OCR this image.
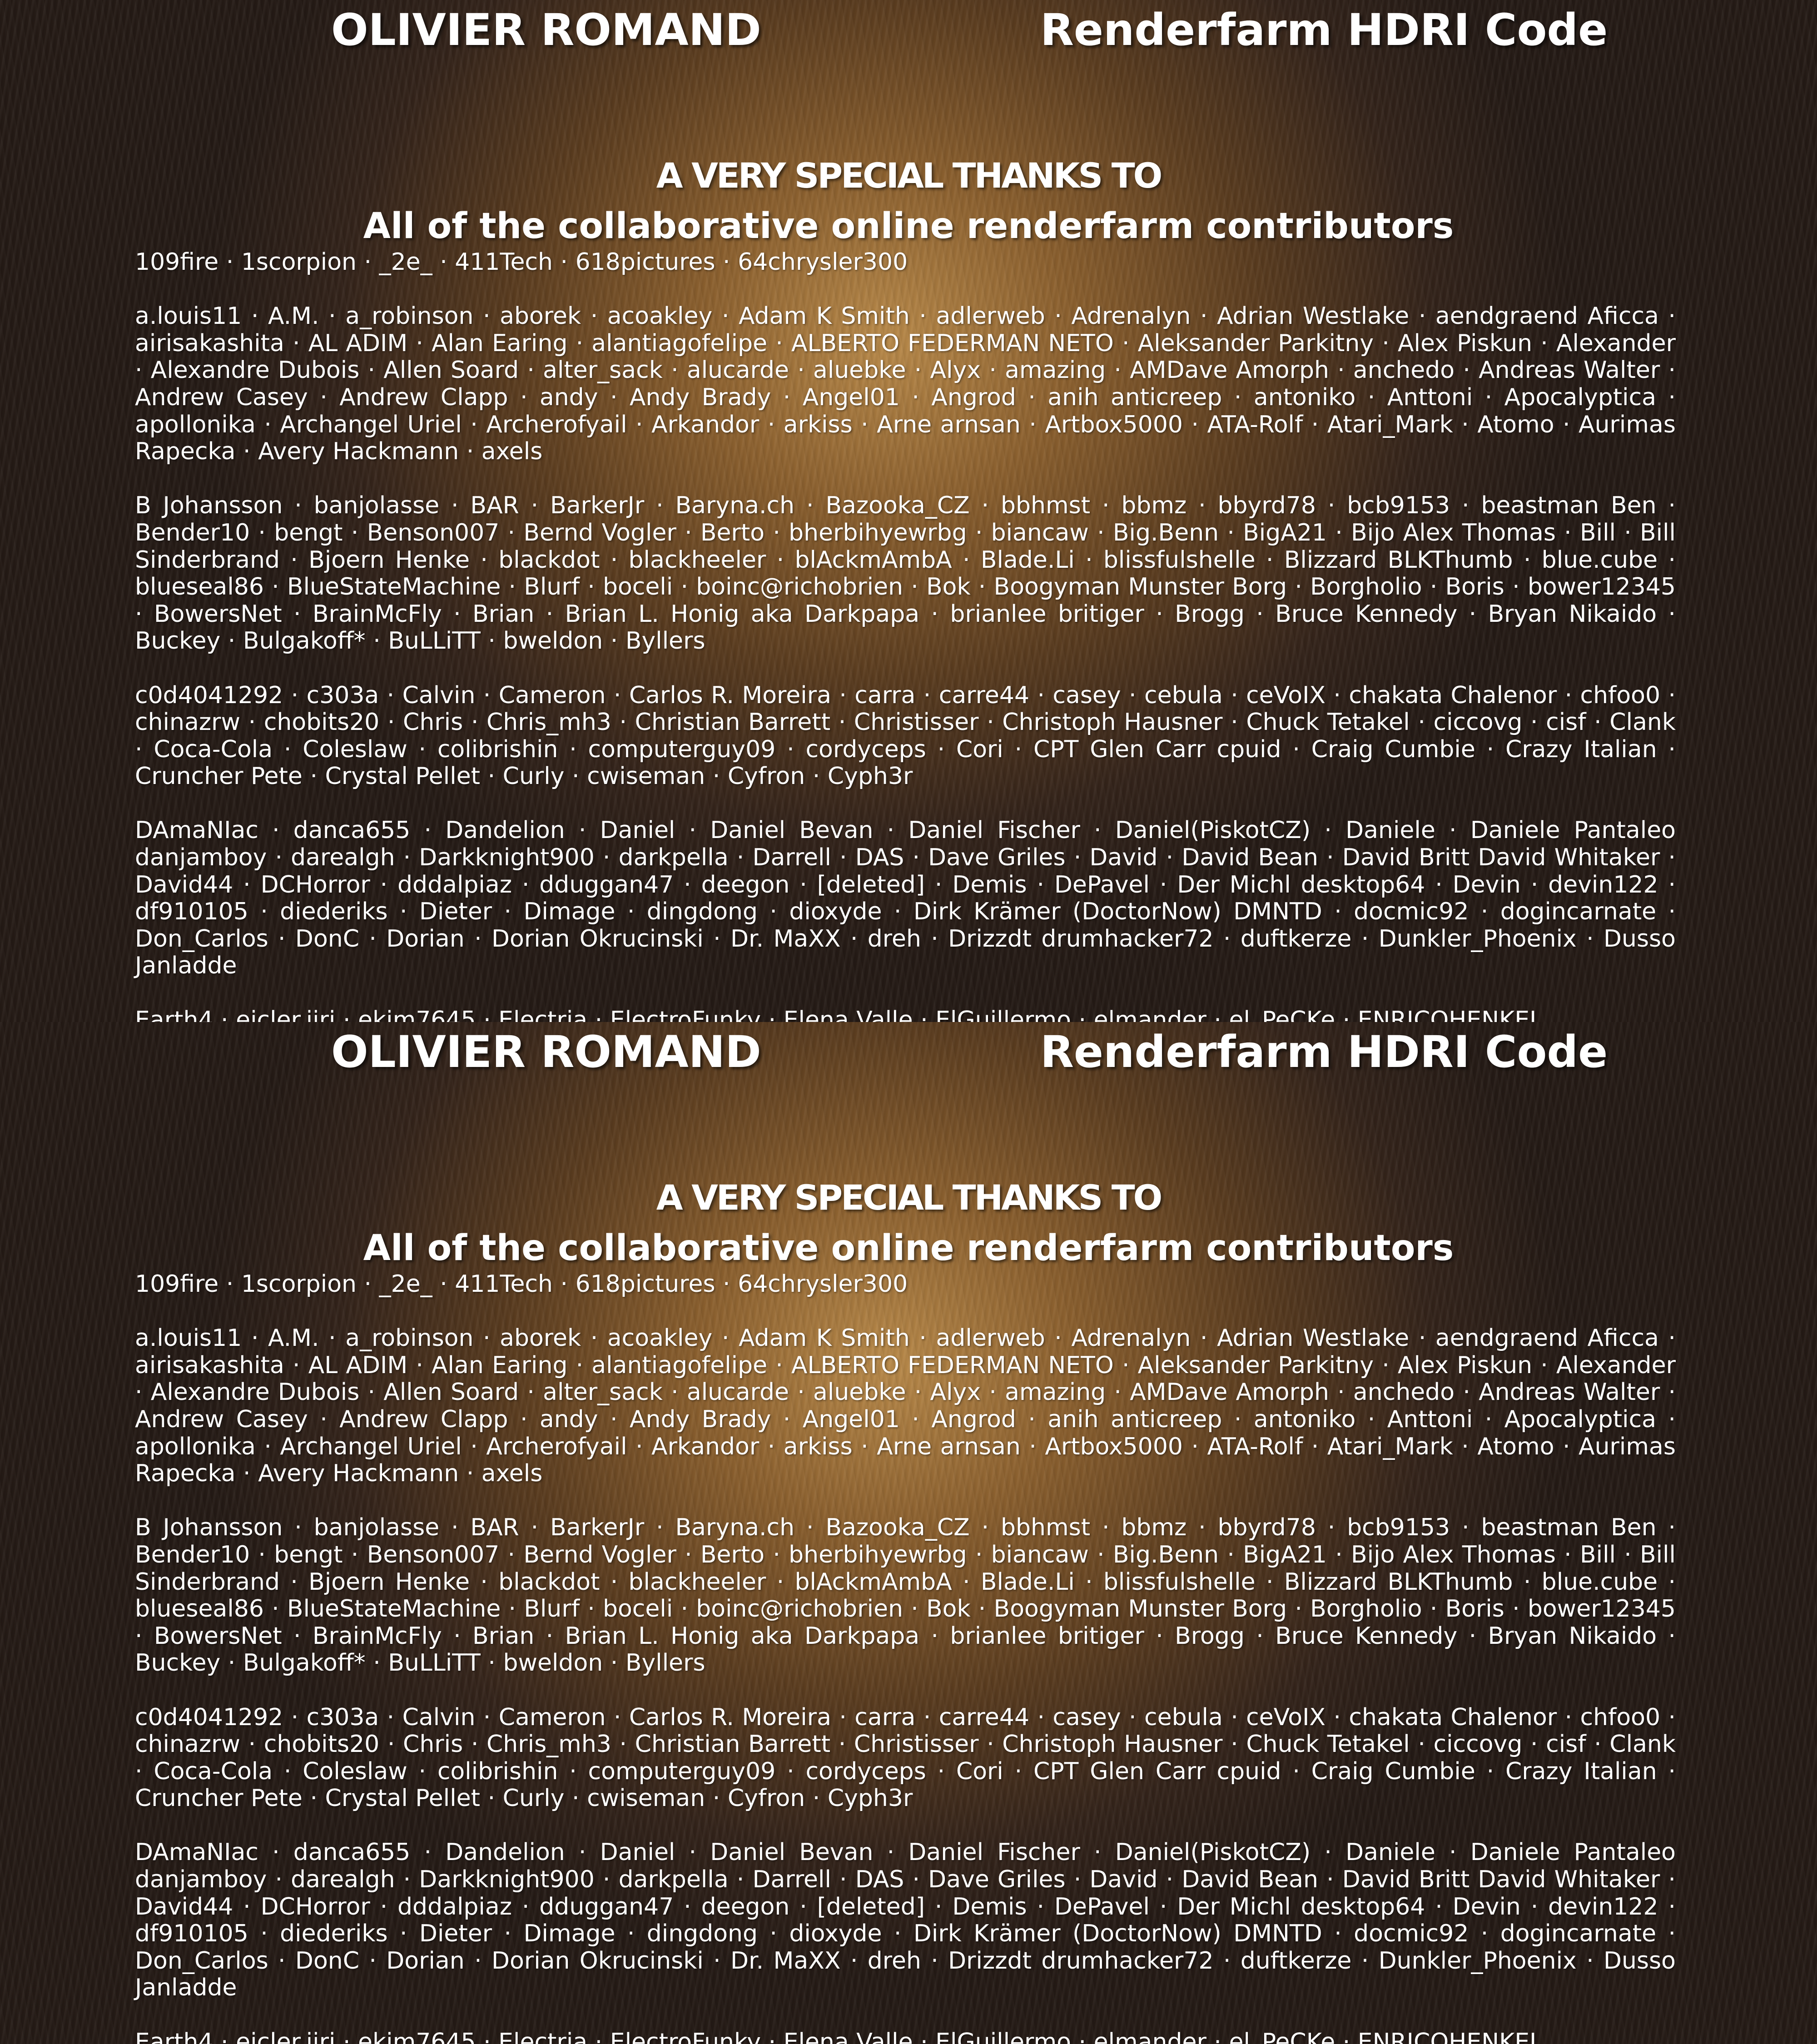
OLIVIER ROMAND	Renderfarm HDRI Code
A VERY SPECIAL THANKS TO
All of the collaborative online renderfarm contributors

109fire · 1scorpion · _2e_ · 411Tech · 618pictures · 64chrysler300

a.louis11 · A.M. · a_robinson · aborek · acoakley · Adam K Smith · adlerweb · Adrenalyn · Adrian Westlake · aendgraend Aficca · airisakashita · AL ADIM · Alan Earing · alantiagofelipe · ALBERTO FEDERMAN NETO · Aleksander Parkitny · Alex Piskun · Alexander · Alexandre Dubois · Allen Soard · alter_sack · alucarde · aluebke · Alyx · amazing · AMDave Amorph · anchedo · Andreas Walter · Andrew Casey · Andrew Clapp · andy · Andy Brady · Angel01 · Angrod · anih anticreep · antoniko · Anttoni · Apocalyptica · apollonika · Archangel Uriel · Archerofyail · Arkandor · arkiss · Arne arnsan · Artbox5000 · ATA-Rolf · Atari_Mark · Atomo · Aurimas Rapecka · Avery Hackmann · axels

B Johansson · banjolasse · BAR · BarkerJr · Baryna.ch · Bazooka_CZ · bbhmst · bbmz · bbyrd78 · bcb9153 · beastman Ben · Bender10 · bengt · Benson007 · Bernd Vogler · Berto · bherbihyewrbg · biancaw · Big.Benn · BigA21 · Bijo Alex Thomas · Bill · Bill Sinderbrand · Bjoern Henke · blackdot · blackheeler · blAckmAmbA · Blade.Li · blissfulshelle · Blizzard BLKThumb · blue.cube · blueseal86 · BlueStateMachine · Blurf · boceli · boinc@richobrien · Bok · Boogyman Munster Borg · Borgholio · Boris · bower12345 · BowersNet · BrainMcFly · Brian · Brian L. Honig aka Darkpapa · brianlee britiger · Brogg · Bruce Kennedy · Bryan Nikaido · Buckey · Bulgakoff* · BuLLiTT · bweldon · Byllers

c0d4041292 · c303a · Calvin · Cameron · Carlos R. Moreira · carra · carre44 · casey · cebula · ceVoIX · chakata Chalenor · chfoo0 · chinazrw · chobits20 · Chris · Chris_mh3 · Christian Barrett · Christisser · Christoph Hausner · Chuck Tetakel · ciccovg · cisf · Clank · Coca-Cola · Coleslaw · colibrishin · computerguy09 · cordyceps · Cori · CPT Glen Carr cpuid · Craig Cumbie · Crazy Italian · Cruncher Pete · Crystal Pellet · Curly · cwiseman · Cyfron · Cyph3r

DAmaNIac · danca655 · Dandelion · Daniel · Daniel Bevan · Daniel Fischer · Daniel(PiskotCZ) · Daniele · Daniele Pantaleo danjamboy · darealgh · Darkknight900 · darkpella · Darrell · DAS · Dave Griles · David · David Bean · David Britt David Whitaker · David44 · DCHorror · dddalpiaz · dduggan47 · deegon · [deleted] · Demis · DePavel · Der Michl desktop64 · Devin · devin122 · df910105 · diederiks · Dieter · Dimage · dingdong · dioxyde · Dirk Krämer (DoctorNow) DMNTD · docmic92 · dogincarnate · Don_Carlos · DonC · Dorian · Dorian Okrucinski · Dr. MaXX · dreh · Drizzdt drumhacker72 · duftkerze · Dunkler_Phoenix · Dusso Janladde

Earth4 · eicler.jiri · ekim7645 · Electria · ElectroFunky · Elena Valle · ElGuillermo · elmander · el_PeCKe · ENRICOHENKEL

OLIVIER ROMAND	Renderfarm HDRI Code
A VERY SPECIAL THANKS TO
All of the collaborative online renderfarm contributors

109fire · 1scorpion · _2e_ · 411Tech · 618pictures · 64chrysler300

a.louis11 · A.M. · a_robinson · aborek · acoakley · Adam K Smith · adlerweb · Adrenalyn · Adrian Westlake · aendgraend Aficca · airisakashita · AL ADIM · Alan Earing · alantiagofelipe · ALBERTO FEDERMAN NETO · Aleksander Parkitny · Alex Piskun · Alexander · Alexandre Dubois · Allen Soard · alter_sack · alucarde · aluebke · Alyx · amazing · AMDave Amorph · anchedo · Andreas Walter · Andrew Casey · Andrew Clapp · andy · Andy Brady · Angel01 · Angrod · anih anticreep · antoniko · Anttoni · Apocalyptica · apollonika · Archangel Uriel · Archerofyail · Arkandor · arkiss · Arne arnsan · Artbox5000 · ATA-Rolf · Atari_Mark · Atomo · Aurimas Rapecka · Avery Hackmann · axels

B Johansson · banjolasse · BAR · BarkerJr · Baryna.ch · Bazooka_CZ · bbhmst · bbmz · bbyrd78 · bcb9153 · beastman Ben · Bender10 · bengt · Benson007 · Bernd Vogler · Berto · bherbihyewrbg · biancaw · Big.Benn · BigA21 · Bijo Alex Thomas · Bill · Bill Sinderbrand · Bjoern Henke · blackdot · blackheeler · blAckmAmbA · Blade.Li · blissfulshelle · Blizzard BLKThumb · blue.cube · blueseal86 · BlueStateMachine · Blurf · boceli · boinc@richobrien · Bok · Boogyman Munster Borg · Borgholio · Boris · bower12345 · BowersNet · BrainMcFly · Brian · Brian L. Honig aka Darkpapa · brianlee britiger · Brogg · Bruce Kennedy · Bryan Nikaido · Buckey · Bulgakoff* · BuLLiTT · bweldon · Byllers

c0d4041292 · c303a · Calvin · Cameron · Carlos R. Moreira · carra · carre44 · casey · cebula · ceVoIX · chakata Chalenor · chfoo0 · chinazrw · chobits20 · Chris · Chris_mh3 · Christian Barrett · Christisser · Christoph Hausner · Chuck Tetakel · ciccovg · cisf · Clank · Coca-Cola · Coleslaw · colibrishin · computerguy09 · cordyceps · Cori · CPT Glen Carr cpuid · Craig Cumbie · Crazy Italian · Cruncher Pete · Crystal Pellet · Curly · cwiseman · Cyfron · Cyph3r

DAmaNIac · danca655 · Dandelion · Daniel · Daniel Bevan · Daniel Fischer · Daniel(PiskotCZ) · Daniele · Daniele Pantaleo danjamboy · darealgh · Darkknight900 · darkpella · Darrell · DAS · Dave Griles · David · David Bean · David Britt David Whitaker · David44 · DCHorror · dddalpiaz · dduggan47 · deegon · [deleted] · Demis · DePavel · Der Michl desktop64 · Devin · devin122 · df910105 · diederiks · Dieter · Dimage · dingdong · dioxyde · Dirk Krämer (DoctorNow) DMNTD · docmic92 · dogincarnate · Don_Carlos · DonC · Dorian · Dorian Okrucinski · Dr. MaXX · dreh · Drizzdt drumhacker72 · duftkerze · Dunkler_Phoenix · Dusso Janladde

Earth4 · eicler.jiri · ekim7645 · Electria · ElectroFunky · Elena Valle · ElGuillermo · elmander · el_PeCKe · ENRICOHENKEL
